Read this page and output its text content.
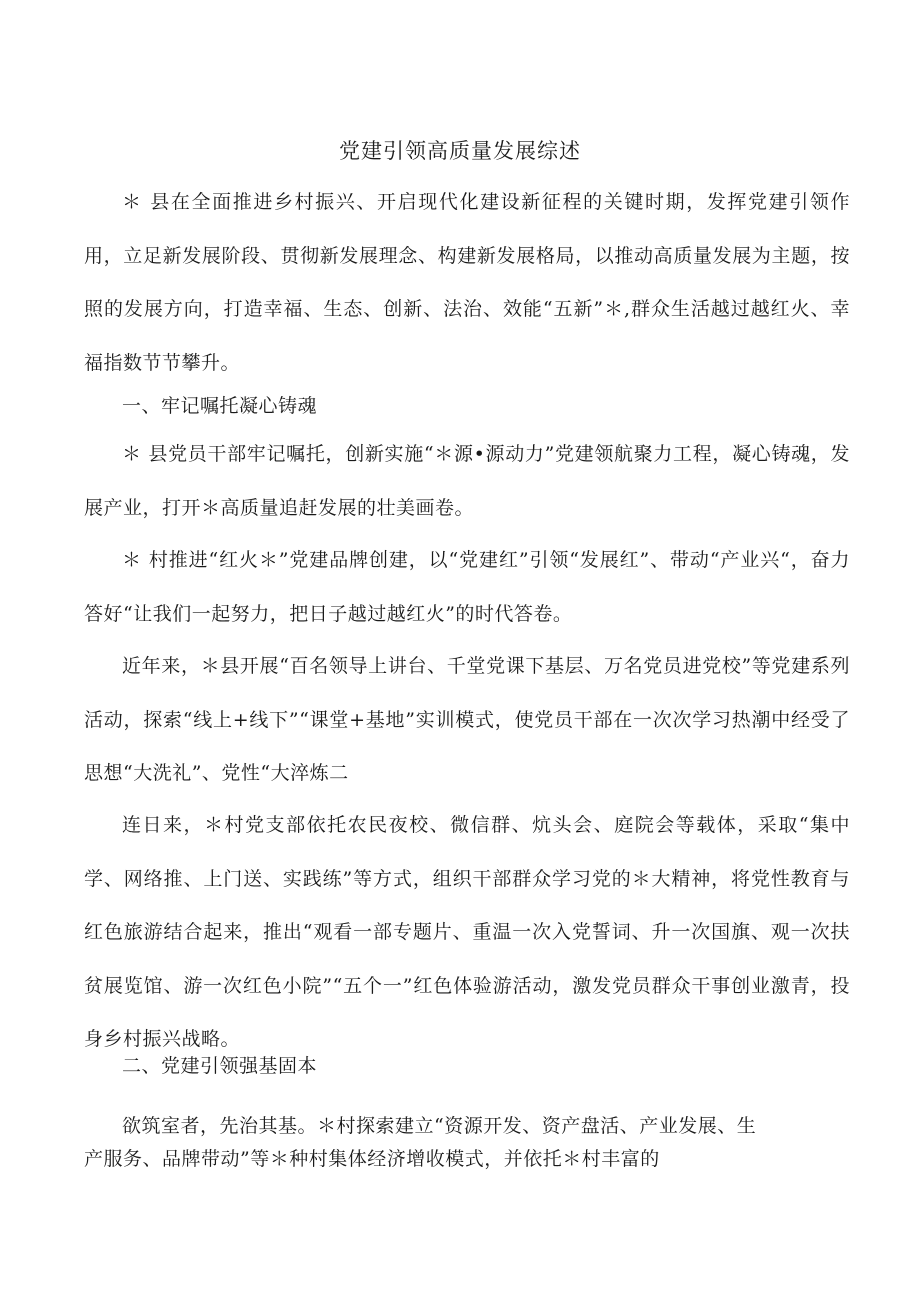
党建引领高质量发展综述

＊ 县在全面推进乡村振兴、开启现代化建设新征程的关键时期，发挥党建引领作用，立足新发展阶段、贯彻新发展理念、构建新发展格局，以推动高质量发展为主题，按照的发展方向，打造幸福、生态、创新、法治、效能“五新”＊,群众生活越过越红火、幸福指数节节攀升。

一、牢记嘱托凝心铸魂

＊ 县党员干部牢记嘱托，创新实施“＊源•源动力”党建领航聚力工程，凝心铸魂，发展产业，打开＊高质量追赶发展的壮美画卷。

＊ 村推进“红火＊”党建品牌创建，以“党建红”引领“发展红”、带动“产业兴“，奋力答好“让我们一起努力，把日子越过越红火”的时代答卷。

近年来，＊县开展“百名领导上讲台、千堂党课下基层、万名党员进党校”等党建系列活动，探索“线上+线下”“课堂+基地”实训模式，使党员干部在一次次学习热潮中经受了思想“大洗礼”、党性“大淬炼二

连日来，＊村党支部依托农民夜校、微信群、炕头会、庭院会等载体，采取“集中学、网络推、上门送、实践练”等方式，组织干部群众学习党的＊大精神，将党性教育与红色旅游结合起来，推出“观看一部专题片、重温一次入党誓词、升一次国旗、观一次扶贫展览馆、游一次红色小院”“五个一”红色体验游活动，激发党员群众干事创业激青，投身乡村振兴战略。

二、党建引领强基固本

欲筑室者，先治其基。＊村探索建立“资源开发、资产盘活、产业发展、生
产服务、品牌带动”等＊种村集体经济增收模式，并依托＊村丰富的
